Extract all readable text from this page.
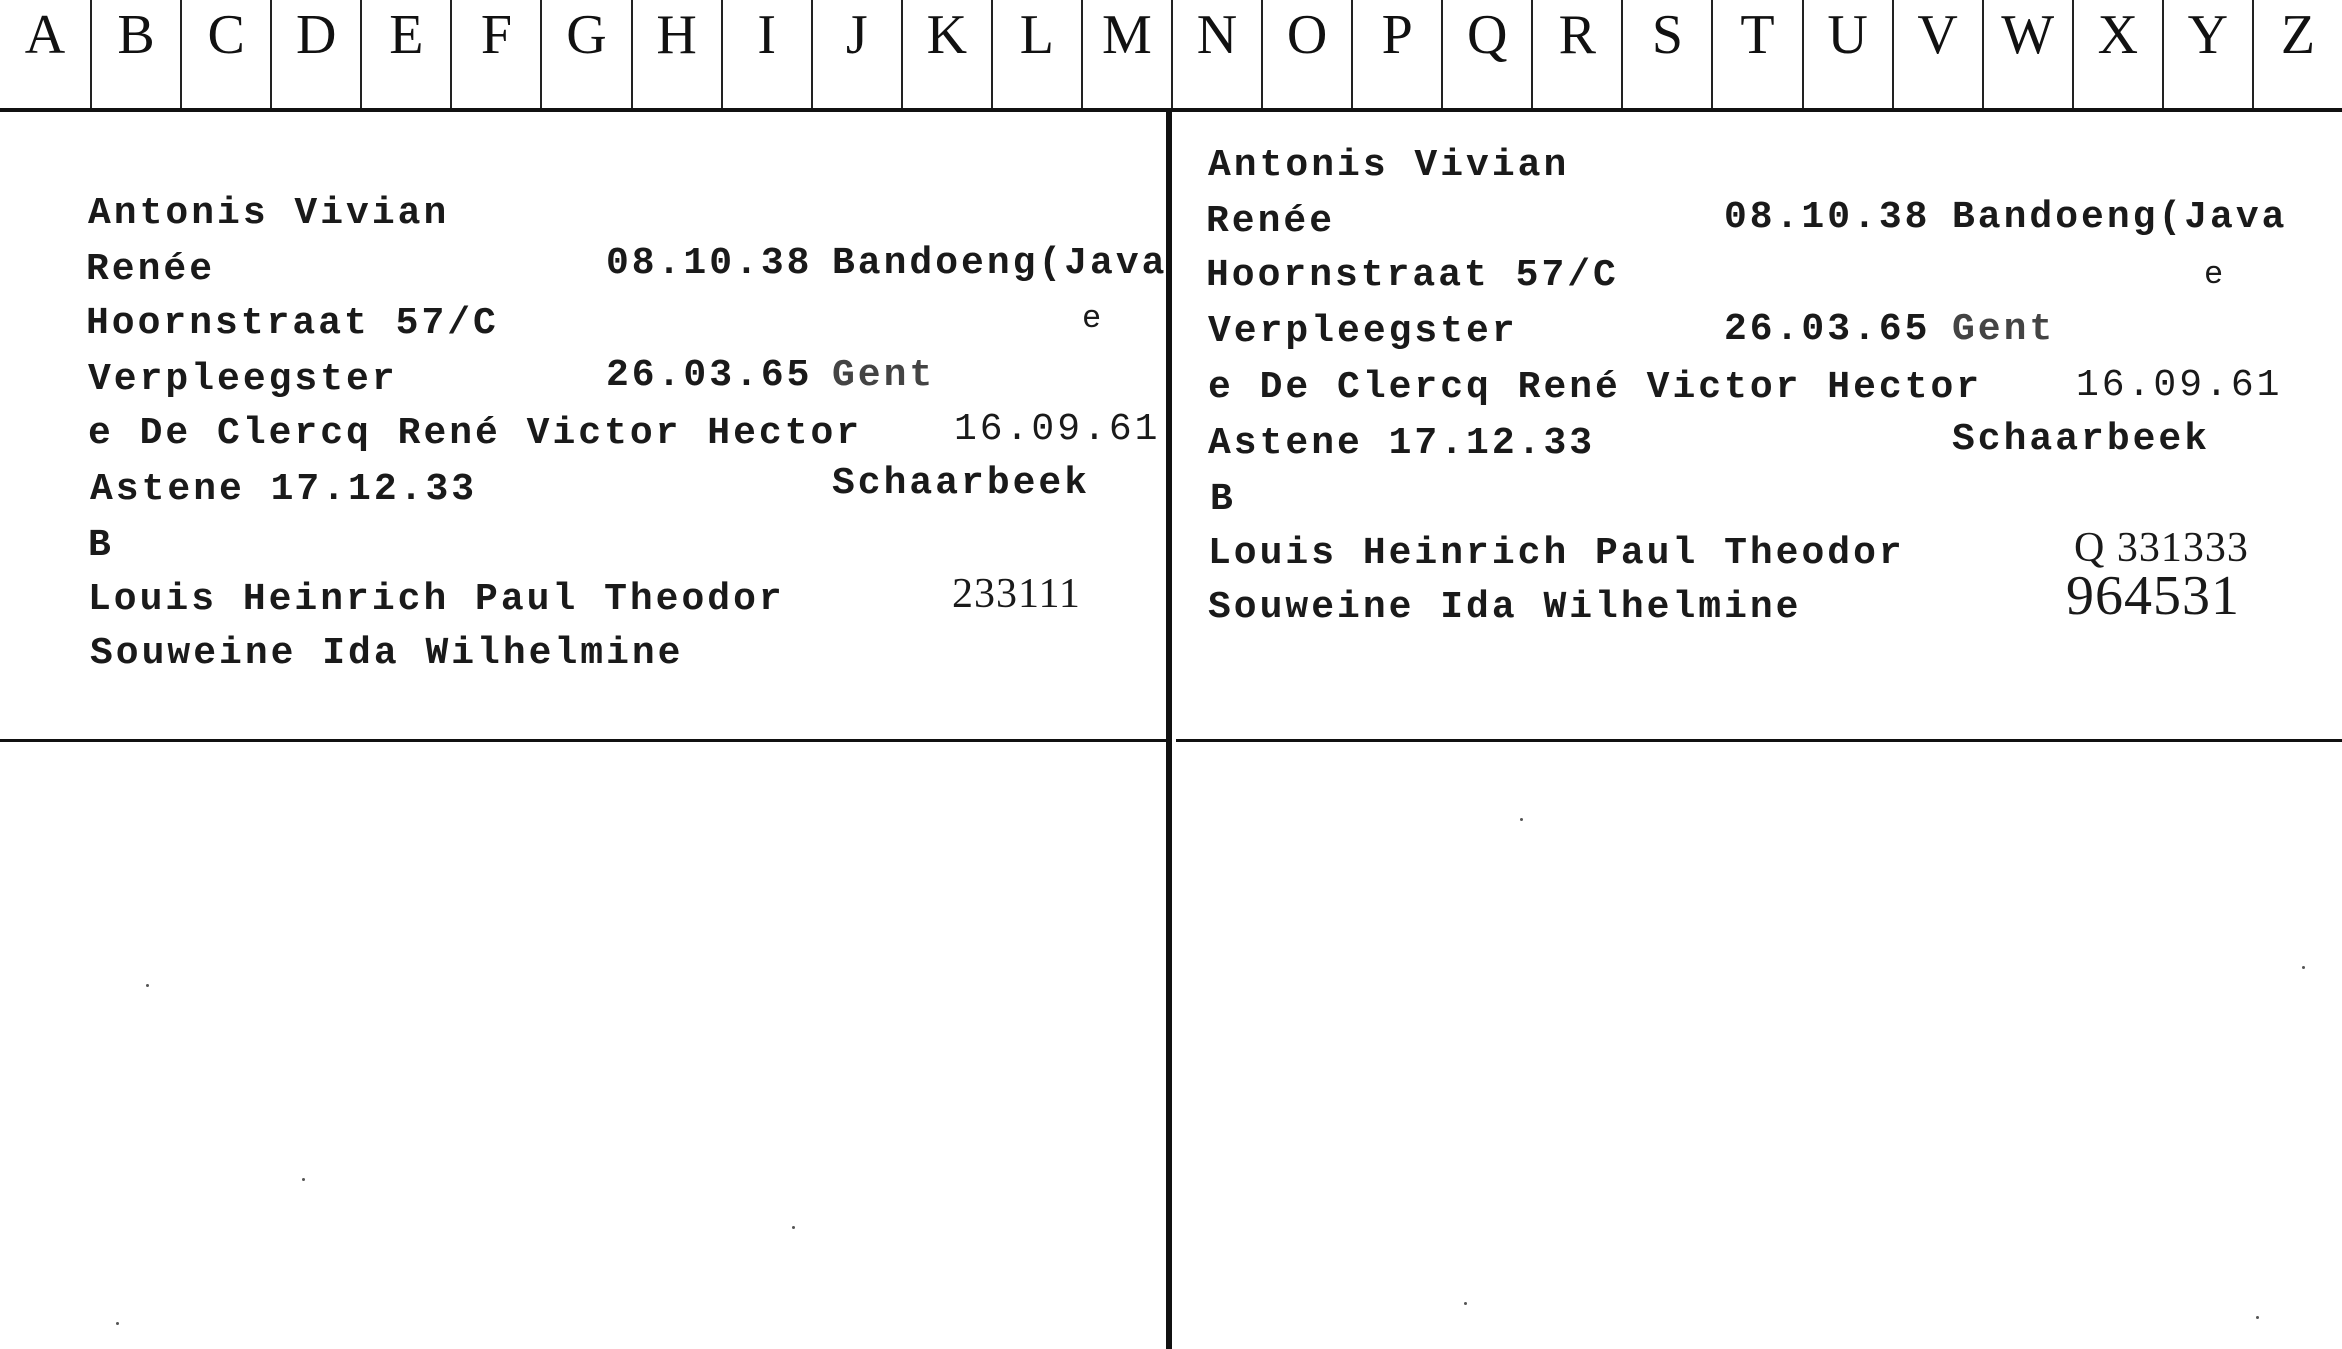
A B C D E	F G H	I	J	K L M N O P Q R S	T U V W X Y Z
Antonis Vivian
Renée	08.10.38 Bandoeng(Java
Hoornstraat 57/C	e
Verpleegster	26.03.65 Gent
e De Clercq René Victor Hector 16.09.61
Astene 17.12.33	Schaarbeek
B
Louis Heinrich Paul Theodor	233111
Souweine Ida Wilhelmine
Antonis Vivian
Renée	08.10.38 Bandoeng(Java
Hoornstraat 57/C	e
Verpleegster	26.03.65 Gent
e De Clercq René Victor Hector 16.09.61
Astene 17.12.33	Schaarbeek
B
Louis Heinrich Paul Theodor	Q 331333
Souweine Ida Wilhelmine	964531
